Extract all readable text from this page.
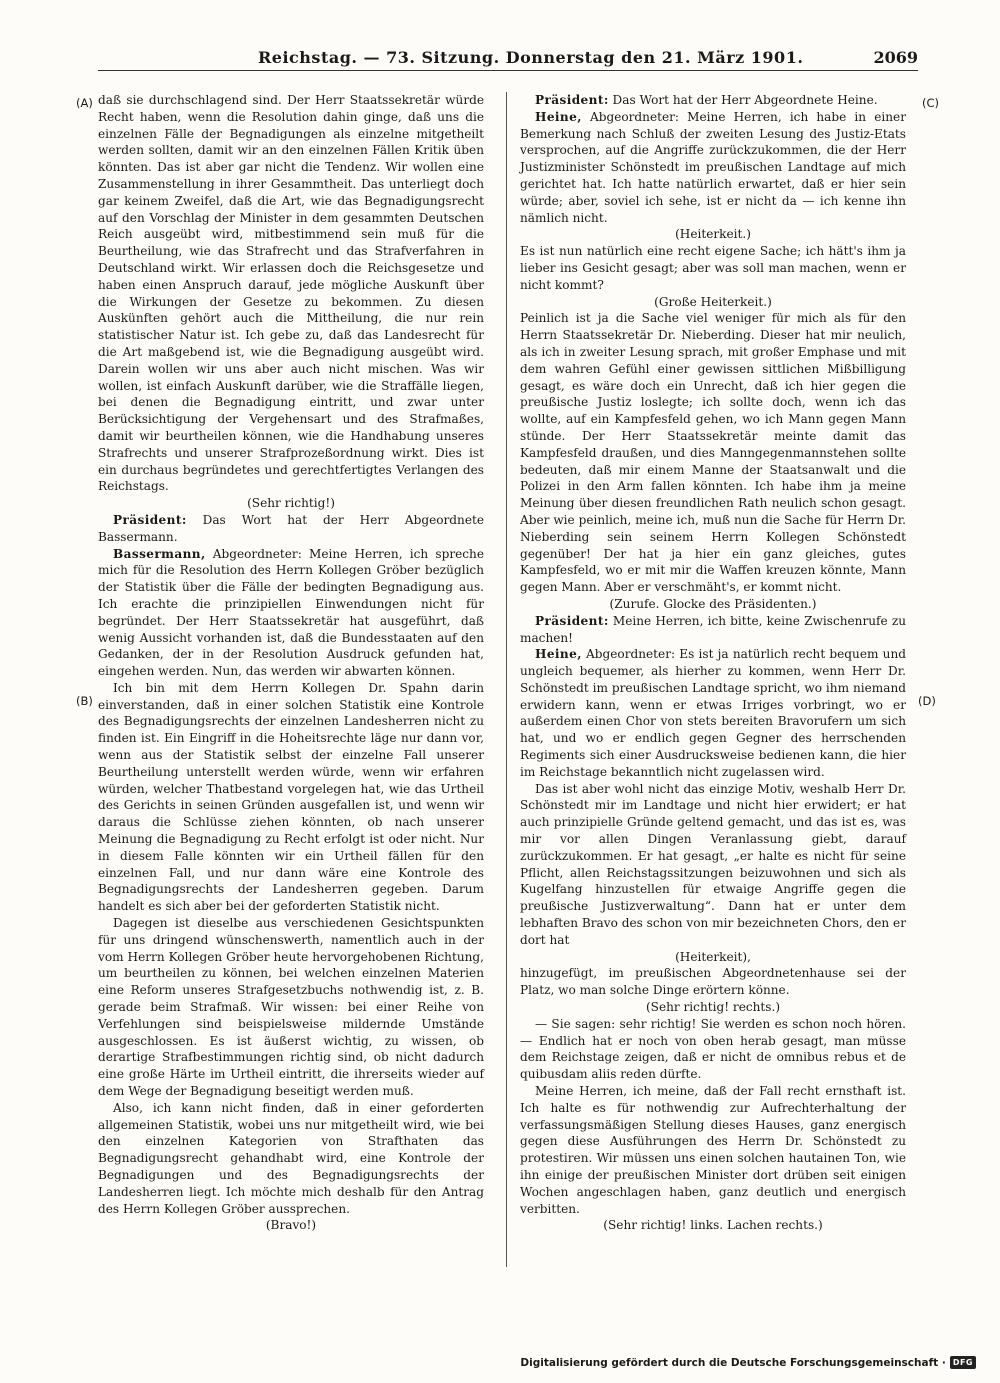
Reichstag. — 73. Sitzung. Donnerstag den 21. März 1901.	2069
(A)
(B)
(C)
(D)

daß sie durchschlagend sind. Der Herr Staatssekretär würde Recht haben, wenn die Resolution dahin ginge, daß uns die einzelnen Fälle der Begnadigungen als einzelne mitgetheilt werden sollten, damit wir an den einzelnen Fällen Kritik üben könnten. Das ist aber gar nicht die Tendenz. Wir wollen eine Zusammenstellung in ihrer Gesammtheit. Das unterliegt doch gar keinem Zweifel, daß die Art, wie das Begnadigungsrecht auf den Vorschlag der Minister in dem gesammten Deutschen Reich ausgeübt wird, mitbestimmend sein muß für die Beurtheilung, wie das Strafrecht und das Strafverfahren in Deutschland wirkt. Wir erlassen doch die Reichsgesetze und haben einen Anspruch darauf, jede mögliche Auskunft über die Wirkungen der Gesetze zu bekommen. Zu diesen Auskünften gehört auch die Mittheilung, die nur rein statistischer Natur ist. Ich gebe zu, daß das Landesrecht für die Art maßgebend ist, wie die Begnadigung ausgeübt wird. Darein wollen wir uns aber auch nicht mischen. Was wir wollen, ist einfach Auskunft darüber, wie die Straffälle liegen, bei denen die Begnadigung eintritt, und zwar unter Berücksichtigung der Vergehensart und des Strafmaßes, damit wir beurtheilen können, wie die Handhabung unseres Strafrechts und unserer Strafprozeßordnung wirkt. Dies ist ein durchaus begründetes und gerechtfertigtes Verlangen des Reichstags.

(Sehr richtig!)

Präsident: Das Wort hat der Herr Abgeordnete Bassermann.

Bassermann, Abgeordneter: Meine Herren, ich spreche mich für die Resolution des Herrn Kollegen Gröber bezüglich der Statistik über die Fälle der bedingten Begnadigung aus. Ich erachte die prinzipiellen Einwendungen nicht für begründet. Der Herr Staatssekretär hat ausgeführt, daß wenig Aussicht vorhanden ist, daß die Bundesstaaten auf den Gedanken, der in der Resolution Ausdruck gefunden hat, eingehen werden. Nun, das werden wir abwarten können.

Ich bin mit dem Herrn Kollegen Dr. Spahn darin einverstanden, daß in einer solchen Statistik eine Kontrole des Begnadigungsrechts der einzelnen Landesherren nicht zu finden ist. Ein Eingriff in die Hoheitsrechte läge nur dann vor, wenn aus der Statistik selbst der einzelne Fall unserer Beurtheilung unterstellt werden würde, wenn wir erfahren würden, welcher Thatbestand vorgelegen hat, wie das Urtheil des Gerichts in seinen Gründen ausgefallen ist, und wenn wir daraus die Schlüsse ziehen könnten, ob nach unserer Meinung die Begnadigung zu Recht erfolgt ist oder nicht. Nur in diesem Falle könnten wir ein Urtheil fällen für den einzelnen Fall, und nur dann wäre eine Kontrole des Begnadigungsrechts der Landesherren gegeben. Darum handelt es sich aber bei der geforderten Statistik nicht.

Dagegen ist dieselbe aus verschiedenen Gesichtspunkten für uns dringend wünschenswerth, namentlich auch in der vom Herrn Kollegen Gröber heute hervorgehobenen Richtung, um beurtheilen zu können, bei welchen einzelnen Materien eine Reform unseres Strafgesetzbuchs nothwendig ist, z. B. gerade beim Strafmaß. Wir wissen: bei einer Reihe von Verfehlungen sind beispielsweise mildernde Umstände ausgeschlossen. Es ist äußerst wichtig, zu wissen, ob derartige Strafbestimmungen richtig sind, ob nicht dadurch eine große Härte im Urtheil eintritt, die ihrerseits wieder auf dem Wege der Begnadigung beseitigt werden muß.

Also, ich kann nicht finden, daß in einer geforderten allgemeinen Statistik, wobei uns nur mitgetheilt wird, wie bei den einzelnen Kategorien von Strafthaten das Begnadigungsrecht gehandhabt wird, eine Kontrole der Begnadigungen und des Begnadigungsrechts der Landesherren liegt. Ich möchte mich deshalb für den Antrag des Herrn Kollegen Gröber aussprechen.

(Bravo!)

Präsident: Das Wort hat der Herr Abgeordnete Heine.

Heine, Abgeordneter: Meine Herren, ich habe in einer Bemerkung nach Schluß der zweiten Lesung des Justiz-Etats versprochen, auf die Angriffe zurückzukommen, die der Herr Justizminister Schönstedt im preußischen Landtage auf mich gerichtet hat. Ich hatte natürlich erwartet, daß er hier sein würde; aber, soviel ich sehe, ist er nicht da — ich kenne ihn nämlich nicht.

(Heiterkeit.)

Es ist nun natürlich eine recht eigene Sache; ich hätt's ihm ja lieber ins Gesicht gesagt; aber was soll man machen, wenn er nicht kommt?

(Große Heiterkeit.)

Peinlich ist ja die Sache viel weniger für mich als für den Herrn Staatssekretär Dr. Nieberding. Dieser hat mir neulich, als ich in zweiter Lesung sprach, mit großer Emphase und mit dem wahren Gefühl einer gewissen sittlichen Mißbilligung gesagt, es wäre doch ein Unrecht, daß ich hier gegen die preußische Justiz loslegte; ich sollte doch, wenn ich das wollte, auf ein Kampfesfeld gehen, wo ich Mann gegen Mann stünde. Der Herr Staatssekretär meinte damit das Kampfesfeld draußen, und dies Manngegenmannstehen sollte bedeuten, daß mir einem Manne der Staatsanwalt und die Polizei in den Arm fallen könnten. Ich habe ihm ja meine Meinung über diesen freundlichen Rath neulich schon gesagt. Aber wie peinlich, meine ich, muß nun die Sache für Herrn Dr. Nieberding sein seinem Herrn Kollegen Schönstedt gegenüber! Der hat ja hier ein ganz gleiches, gutes Kampfesfeld, wo er mit mir die Waffen kreuzen könnte, Mann gegen Mann. Aber er verschmäht's, er kommt nicht.

(Zurufe. Glocke des Präsidenten.)

Präsident: Meine Herren, ich bitte, keine Zwischenrufe zu machen!

Heine, Abgeordneter: Es ist ja natürlich recht bequem und ungleich bequemer, als hierher zu kommen, wenn Herr Dr. Schönstedt im preußischen Landtage spricht, wo ihm niemand erwidern kann, wenn er etwas Irriges vorbringt, wo er außerdem einen Chor von stets bereiten Bravorufern um sich hat, und wo er endlich gegen Gegner des herrschenden Regiments sich einer Ausdrucksweise bedienen kann, die hier im Reichstage bekanntlich nicht zugelassen wird.

Das ist aber wohl nicht das einzige Motiv, weshalb Herr Dr. Schönstedt mir im Landtage und nicht hier erwidert; er hat auch prinzipielle Gründe geltend gemacht, und das ist es, was mir vor allen Dingen Veranlassung giebt, darauf zurückzukommen. Er hat gesagt, „er halte es nicht für seine Pflicht, allen Reichstagssitzungen beizuwohnen und sich als Kugelfang hinzustellen für etwaige Angriffe gegen die preußische Justizverwaltung“. Dann hat er unter dem lebhaften Bravo des schon von mir bezeichneten Chors, den er dort hat

(Heiterkeit),

hinzugefügt, im preußischen Abgeordnetenhause sei der Platz, wo man solche Dinge erörtern könne.

(Sehr richtig! rechts.)

— Sie sagen: sehr richtig! Sie werden es schon noch hören. — Endlich hat er noch von oben herab gesagt, man müsse dem Reichstage zeigen, daß er nicht de omnibus rebus et de quibusdam aliis reden dürfte.

Meine Herren, ich meine, daß der Fall recht ernsthaft ist. Ich halte es für nothwendig zur Aufrechterhaltung der verfassungsmäßigen Stellung dieses Hauses, ganz energisch gegen diese Ausführungen des Herrn Dr. Schönstedt zu protestiren. Wir müssen uns einen solchen hautainen Ton, wie ihn einige der preußischen Minister dort drüben seit einigen Wochen angeschlagen haben, ganz deutlich und energisch verbitten.

(Sehr richtig! links. Lachen rechts.)

Digitalisierung gefördert durch die Deutsche Forschungsgemeinschaft · DFG
